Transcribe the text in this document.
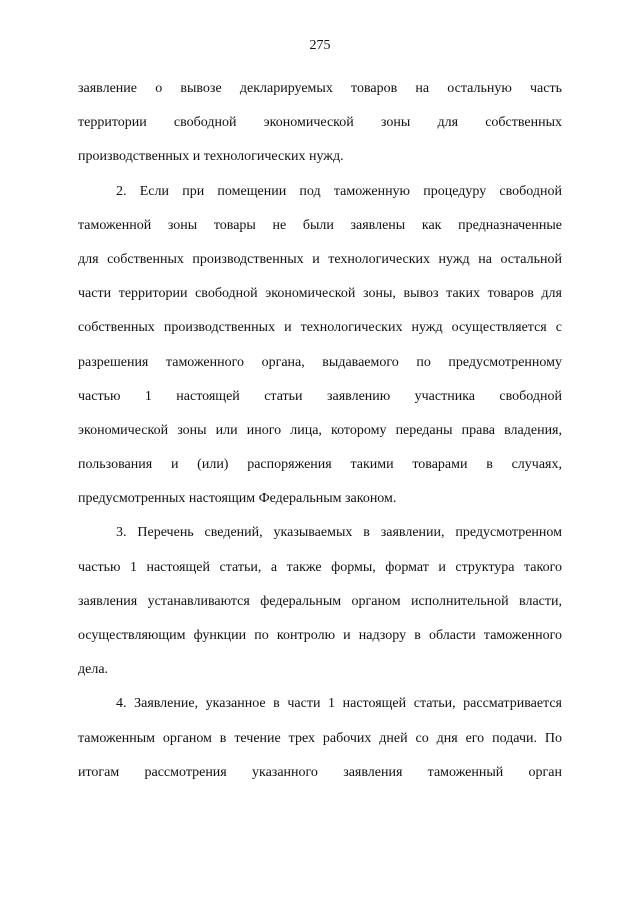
275
заявление о вывозе декларируемых товаров на остальную часть
территории свободной экономической зоны для собственных
производственных и технологических нужд.
2. Если при помещении под таможенную процедуру свободной
таможенной зоны товары не были заявлены как предназначенные
для собственных производственных и технологических нужд на остальной
части территории свободной экономической зоны, вывоз таких товаров для
собственных производственных и технологических нужд осуществляется с
разрешения таможенного органа, выдаваемого по предусмотренному
частью 1 настоящей статьи заявлению участника свободной
экономической зоны или иного лица, которому переданы права владения,
пользования и (или) распоряжения такими товарами в случаях,
предусмотренных настоящим Федеральным законом.
3. Перечень сведений, указываемых в заявлении, предусмотренном
частью 1 настоящей статьи, а также формы, формат и структура такого
заявления устанавливаются федеральным органом исполнительной власти,
осуществляющим функции по контролю и надзору в области таможенного
дела.
4. Заявление, указанное в части 1 настоящей статьи, рассматривается
таможенным органом в течение трех рабочих дней со дня его подачи. По
итогам рассмотрения указанного заявления таможенный орган
